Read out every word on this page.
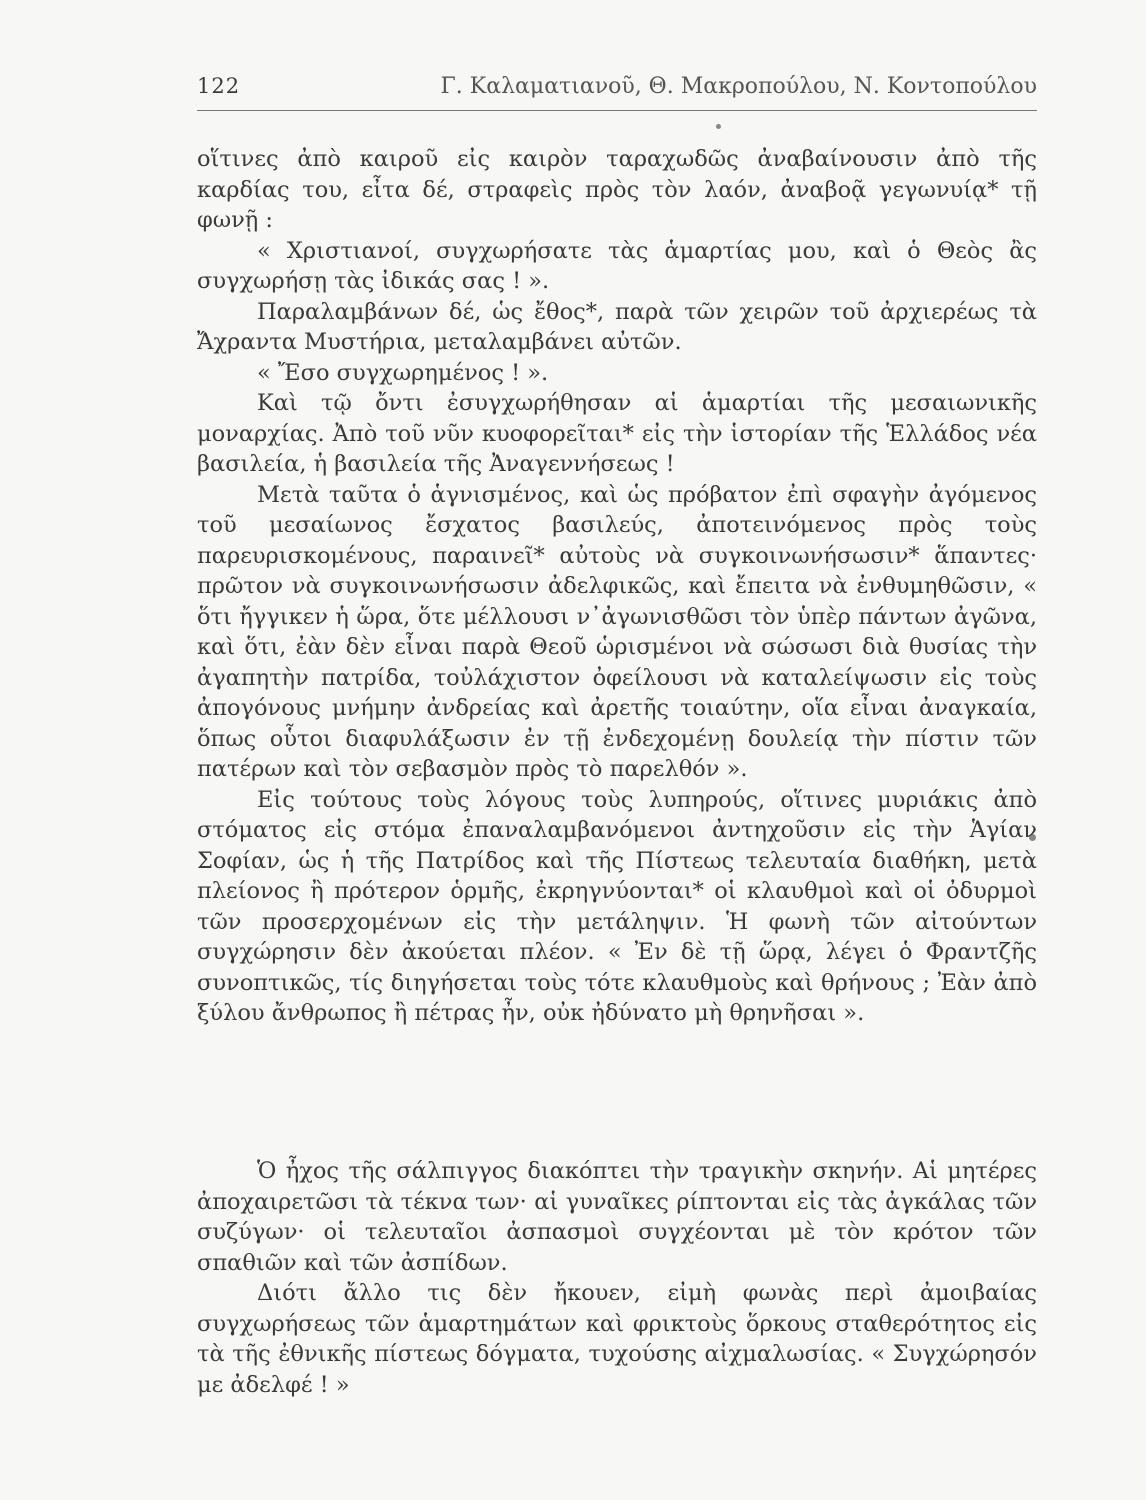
122	Γ. Καλαματιανοῦ, Θ. Μακροπούλου, Ν. Κοντοπούλου

οἵτινες ἀπὸ καιροῦ εἰς καιρὸν ταραχωδῶς ἀναβαίνουσιν ἀπὸ τῆς καρδίας του, εἶτα δέ, στραφεὶς πρὸς τὸν λαόν, ἀναβοᾷ γεγωνυίᾳ* τῇ φωνῇ :

« Χριστιανοί, συγχωρήσατε τὰς ἁμαρτίας μου, καὶ ὁ Θεὸς ἂς συγχωρήσῃ τὰς ἰδικάς σας ! ».

Παραλαμβάνων δέ, ὡς ἔθος*, παρὰ τῶν χειρῶν τοῦ ἀρχιερέως τὰ Ἄχραντα Μυστήρια, μεταλαμβάνει αὐτῶν.

« Ἔσο συγχωρημένος ! ».

Καὶ τῷ ὄντι ἐσυγχωρήθησαν αἱ ἁμαρτίαι τῆς μεσαιωνικῆς μοναρχίας. Ἀπὸ τοῦ νῦν κυοφορεῖται* εἰς τὴν ἱστορίαν τῆς Ἑλλάδος νέα βασιλεία, ἡ βασιλεία τῆς Ἀναγεννήσεως !

Μετὰ ταῦτα ὁ ἁγνισμένος, καὶ ὡς πρόβατον ἐπὶ σφαγὴν ἀγόμενος τοῦ μεσαίωνος ἔσχατος βασιλεύς, ἀποτεινόμενος πρὸς τοὺς παρευρισκομένους, παραινεῖ* αὐτοὺς νὰ συγκοινωνήσωσιν* ἅπαντες· πρῶτον νὰ συγκοινωνήσωσιν ἀδελφικῶς, καὶ ἔπειτα νὰ ἐνθυμηθῶσιν, « ὅτι ἤγγικεν ἡ ὥρα, ὅτε μέλλουσι ν᾽ἀγωνισθῶσι τὸν ὑπὲρ πάντων ἀγῶνα, καὶ ὅτι, ἐὰν δὲν εἶναι παρὰ Θεοῦ ὡρισμένοι νὰ σώσωσι διὰ θυσίας τὴν ἀγαπητὴν πατρίδα, τοὐλάχιστον ὀφείλουσι νὰ καταλείψωσιν εἰς τοὺς ἀπογόνους μνήμην ἀνδρείας καὶ ἀρετῆς τοιαύτην, οἵα εἶναι ἀναγκαία, ὅπως οὗτοι διαφυλάξωσιν ἐν τῇ ἐνδεχομένῃ δουλείᾳ τὴν πίστιν τῶν πατέρων καὶ τὸν σεβασμὸν πρὸς τὸ παρελθόν ».

Εἰς τούτους τοὺς λόγους τοὺς λυπηρούς, οἵτινες μυριάκις ἀπὸ στόματος εἰς στόμα ἐπαναλαμβανόμενοι ἀντηχοῦσιν εἰς τὴν Ἁγίαν Σοφίαν, ὡς ἡ τῆς Πατρίδος καὶ τῆς Πίστεως τελευταία διαθήκη, μετὰ πλείονος ἢ πρότερον ὁρμῆς, ἐκρηγνύονται* οἱ κλαυθμοὶ καὶ οἱ ὀδυρμοὶ τῶν προσερχομένων εἰς τὴν μετάληψιν. Ἡ φωνὴ τῶν αἰτούντων συγχώρησιν δὲν ἀκούεται πλέον. « Ἐν δὲ τῇ ὥρᾳ, λέγει ὁ Φραντζῆς συνοπτικῶς, τίς διηγήσεται τοὺς τότε κλαυθμοὺς καὶ θρήνους ; Ἐὰν ἀπὸ ξύλου ἄνθρωπος ἢ πέτρας ἦν, οὐκ ἠδύνατο μὴ θρηνῆσαι ».

Ὁ ἦχος τῆς σάλπιγγος διακόπτει τὴν τραγικὴν σκηνήν. Αἱ μητέρες ἀποχαιρετῶσι τὰ τέκνα των· αἱ γυναῖκες ρίπτονται εἰς τὰς ἀγκάλας τῶν συζύγων· οἱ τελευταῖοι ἀσπασμοὶ συγχέονται μὲ τὸν κρότον τῶν σπαθιῶν καὶ τῶν ἀσπίδων.

Διότι ἄλλο τις δὲν ἤκουεν, εἰμὴ φωνὰς περὶ ἀμοιβαίας συγχωρήσεως τῶν ἁμαρτημάτων καὶ φρικτοὺς ὅρκους σταθερότητος εἰς τὰ τῆς ἐθνικῆς πίστεως δόγματα, τυχούσης αἰχμαλωσίας. « Συγχώρησόν με ἀδελφέ ! »
